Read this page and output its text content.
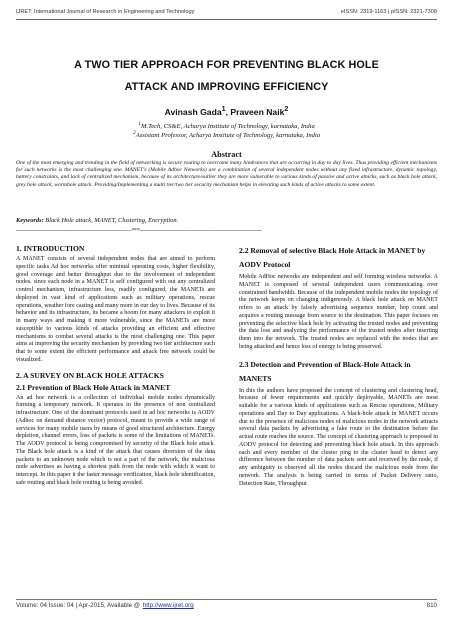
IJRET: International Journal of Research in Engineering and Technology	eISSN: 2319-1163 | pISSN: 2321-7308
A TWO TIER APPROACH FOR PREVENTING BLACK HOLE
ATTACK AND IMPROVING EFFICIENCY
Avinash Gada$^1$, Praveen Naik$^2$
$^1$M.Tech, CS&E, Acharya Institute of Technology, karnataka, India
$^2$Assistant Professor, Acharya Institute of Technology, karnataka, India
Abstract
One of the most emerging and trending in the field of networking is secure routing to overcome many hindrances that are occurring in day to day lives. Thus providing efficient mechanisms for such networks is the most challenging one. MANET's (Mobile Adhoc Networks) are a combination of several independent nodes without any fixed infrastructure, dynamic topology, battery constraints, and lack of centralized mechanism, because of its architecture/outlier they are more vulnerable to various kinds of passive and active attacks, such as black hole attack, grey hole attack, wormhole attack. Providing/Implementing a multi tier/two tier security mechanism helps in elevating such kinds of active attacks to some extent.
Keywords: Black Hole attack, MANET, Clustering, Encryption.
--------------------------------------------------------------------***------------------------------------------------------------------------
1. INTRODUCTION
A MANET consists of several independent nodes that are aimed to perform specific tasks Ad hoc networks offer minimal operating costs, higher flexibility, good coverage and better throughput due to the involvement of independent nodes. since each node in a MANET is self configured with out any centralized control mechanism, infrastructure less, readily configured, the MANETs are deployed in vast kind of applications such as military operations, rescue operations, weather fore casting and many more in our day to lives. Because of its behavior and its infrastructure, its became a boom for many attackers to exploit it in many ways and making it more vulnerable, since the MANETs are more susceptible to various kinds of attacks providing an efficient and effective mechanisms to combat several attacks is the most challenging one. This paper aims at improving the security mechanism by providing two tier architecture such that to some extent the efficient performance and attack free network could be visualized.
2. A SURVEY ON BLACK HOLE ATTACKS
2.1 Prevention of Black Hole Attack in MANET
An ad hoc network is a collection of individual mobile nodes dynamically forming a temporary network. It operates in the presence of non centralized infrastructure. One of the dominant protocols used in ad hoc networks is AODV (Adhoc on demand distance vector) protocol, meant to provide a wide range of services for many mobile users by means of good structured architecture. Energy depletion, channel errors, loss of packets is some of the limitations of MANETs. The AODV protocol is being compromised by security of the Black hole attack. The Black hole attack is a kind of the attack that causes diversion of the data packets to an unknown node which is not a part of the network, the malicious node advertises as having a shortest path from the node with which it want to intercept. In this paper it the faster message verification, black hole identification, safe routing and black hole routing is being avoided.
2.2 Removal of selective Black Hole Attack in MANET by AODV Protocol
Mobile AdHoc networks are independent and self forming wireless networks. A MANET is composed of several independent users communicating over constrained bandwidth. Because of the independent mobile nodes the topology of the network keeps on changing indigenously. A black hole attack on MANET refers to an attack by falsely advertising sequence number, hop count and acquires a routing message from source to the destination. This paper focuses on preventing the selective black hole by activating the trusted nodes and preventing the data loss and analyzing the performance of the trusted nodes after inserting them into the network. The trusted nodes are replaced with the nodes that are being attacked and hence loss of energy is being preserved.
2.3 Detection and Prevention of Black-Hole Attack in MANETS
In this the authors have proposed the concept of clustering and clustering head, because of fewer requirements and quickly deployable, MANETs are most suitable for a various kinds of applications such as Rescue operations, Military operations and Day to Day applications. A black-hole attack in MANET occurs due to the presence of malicious nodes of malicious nodes in the network attracts several data packets by advertising a fake route to the destination before the actual route reaches the source. The concept of clustering approach is proposed in AODV protocol for detecting and preventing black hole attack. In this approach each and every member of the cluster ping to the cluster head to detect any difference between the number of data packets sent and received by the node, if any ambiguity is observed all the nodes discard the malicious node from the network. The analysis is being carried in terms of Packet Delivery ratio, Detection Rate, Throughput
Volume: 04 Issue: 04 | Apr-2015, Available @ http://www.ijret.org	810
